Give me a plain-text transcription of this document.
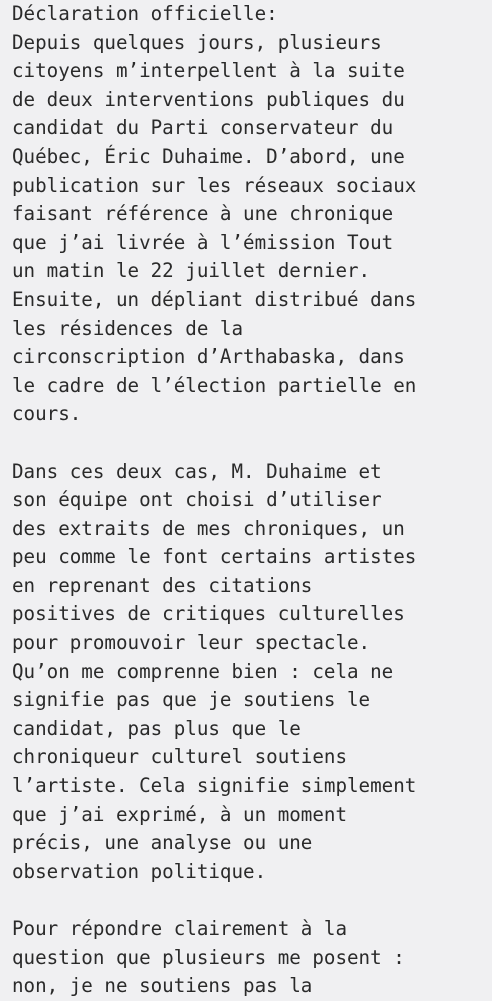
Déclaration officielle:
Depuis quelques jours, plusieurs
citoyens m’interpellent à la suite
de deux interventions publiques du
candidat du Parti conservateur du
Québec, Éric Duhaime. D’abord, une
publication sur les réseaux sociaux
faisant référence à une chronique
que j’ai livrée à l’émission Tout
un matin le 22 juillet dernier.
Ensuite, un dépliant distribué dans
les résidences de la
circonscription d’Arthabaska, dans
le cadre de l’élection partielle en
cours.
Dans ces deux cas, M. Duhaime et
son équipe ont choisi d’utiliser
des extraits de mes chroniques, un
peu comme le font certains artistes
en reprenant des citations
positives de critiques culturelles
pour promouvoir leur spectacle.
Qu’on me comprenne bien : cela ne
signifie pas que je soutiens le
candidat, pas plus que le
chroniqueur culturel soutiens
l’artiste. Cela signifie simplement
que j’ai exprimé, à un moment
précis, une analyse ou une
observation politique.
Pour répondre clairement à la
question que plusieurs me posent :
non, je ne soutiens pas la
